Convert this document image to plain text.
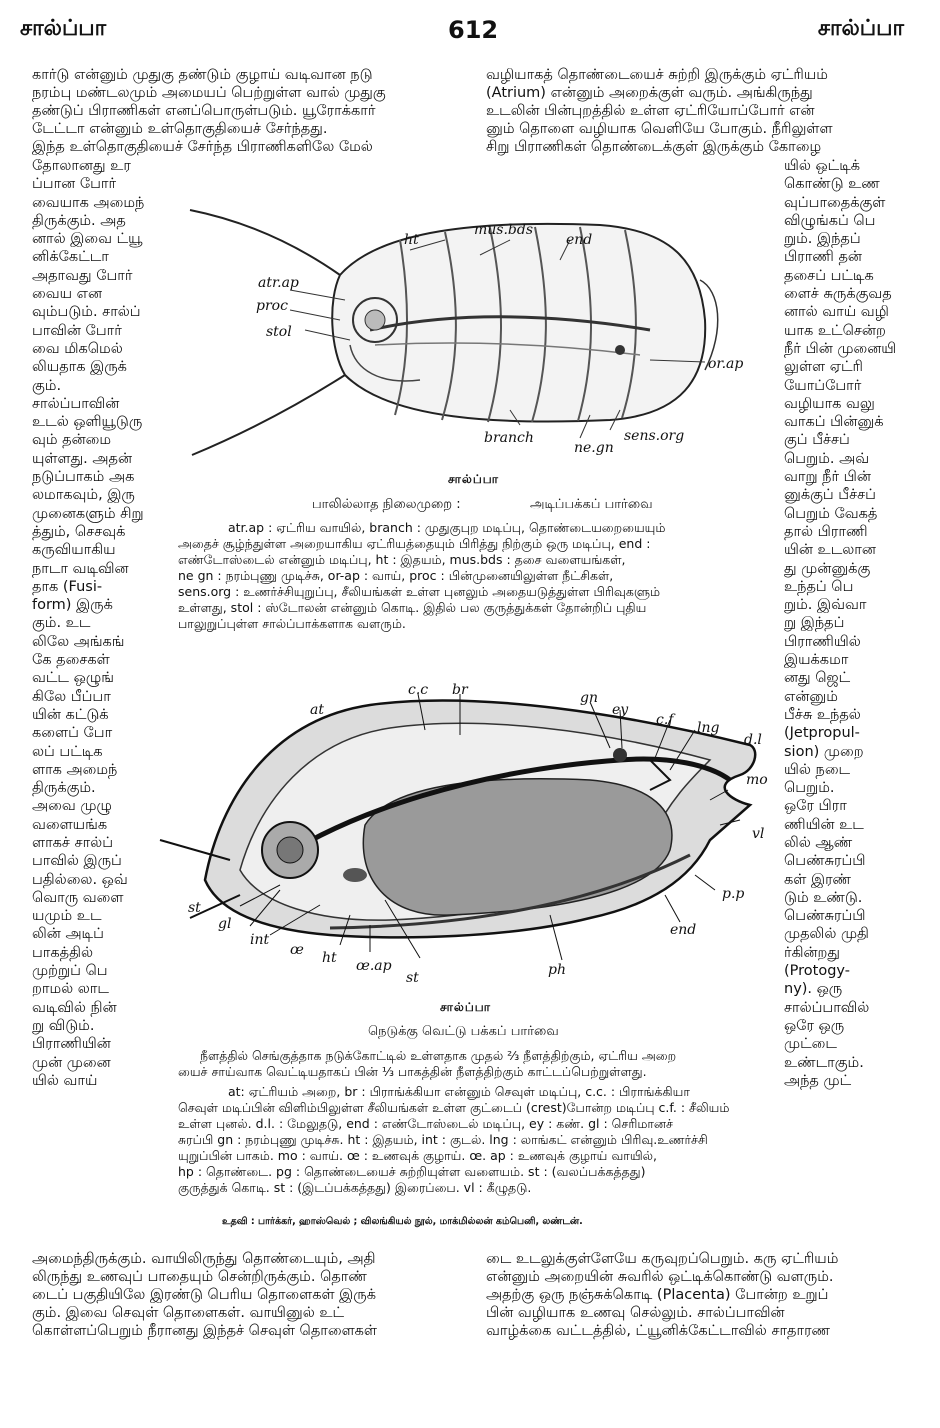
சால்ப்பா	612	சால்ப்பா
கார்டு என்னும் முதுகு தண்டும் குழாய் வடிவான நடு
நரம்பு மண்டலமும் அமையப் பெற்றுள்ள வால் முதுகு
தண்டுப் பிராணிகள் எனப்பொருள்படும். யூரோக்கார்
டேட்டா என்னும் உள்தொகுதியைச் சேர்ந்தது.
இந்த உள்தொகுதியைச் சேர்ந்த பிராணிகளிலே மேல்
வழியாகத் தொண்டையைச் சுற்றி இருக்கும் ஏட்ரியம்
(Atrium) என்னும் அறைக்குள் வரும். அங்கிருந்து
உடலின் பின்புறத்தில் உள்ள ஏட்ரியோப்போர் என்
னும் தொளை வழியாக வெளியே போகும். நீரிலுள்ள
சிறு பிராணிகள் தொண்டைக்குள் இருக்கும் கோழை
தோலானது உர
ப்பான போர்
வையாக அமைந்
திருக்கும். அத
னால் இவை ட்யூ
னிக்கேட்டா
அதாவது போர்
வைய என
வும்படும். சால்ப்
பாவின் போர்
வை மிகமெல்
லியதாக இருக்
கும்.
சால்ப்பாவின்
உடல் ஒளியூடுரு
வும் தன்மை
யுள்ளது. அதன்
நடுப்பாகம் அக
லமாகவும், இரு
முனைகளும் சிறு
த்தும், செசவுக்
கருவியாகிய
நாடா வடிவின
தாக (Fusi-
form) இருக்
கும். உட
லிலே அங்கங்
கே தசைகள்
வட்ட ஒழுங்
கிலே பீப்பா
யின் கட்டுக்
களைப் போ
லப் பட்டிக
ளாக அமைந்
திருக்கும்.
அவை முழு
வளையங்க
ளாகச் சால்ப்
பாவில் இருப்
பதில்லை. ஒவ்
வொரு வளை
யமும் உட
லின் அடிப்
பாகத்தில்
முற்றுப் பெ
றாமல் லாட
வடிவில் நின்
று விடும்.
பிராணியின்
முன் முனை
யில் வாய்
யில் ஒட்டிக்
கொண்டு உண
வுப்பாதைக்குள்
விழுங்கப் பெ
றும். இந்தப்
பிராணி தன்
தசைப் பட்டிக
ளைச் சுருக்குவத
னால் வாய் வழி
யாக உட்சென்ற
நீர் பின் முனையி
லுள்ள ஏட்ரி
யோப்போர்
வழியாக வலு
வாகப் பின்னுக்
குப் பீச்சப்
பெறும். அவ்
வாறு நீர் பின்
னுக்குப் பீச்சப்
பெறும் வேகத்
தால் பிராணி
யின் உடலான
து முன்னுக்கு
உந்தப் பெ
றும். இவ்வா
று இந்தப்
பிராணியில்
இயக்கமா
னது ஜெட்
என்னும்
பீச்சு உந்தல்
(Jetpropul-
sion) முறை
யில் நடை
பெறும்.
ஒரே பிரா
ணியின் உட
லில் ஆண்
பெண்சுரப்பி
கள் இரண்
டும் உண்டு.
பெண்சுரப்பி
முதலில் முதி
ர்கின்றது
(Protogy-
ny). ஒரு
சால்ப்பாவில்
ஒரே ஒரு
முட்டை
உண்டாகும்.
அந்த முட்
ht
mus.bds
end
atr.ap
proc
stol
or.ap
branch	sens.org
ne.gn
சால்ப்பா
பாலில்லாத நிலைமுறை :	அடிப்பக்கப் பார்வை
atr.ap : ஏட்ரிய வாயில், branch : முதுகுபுற மடிப்பு, தொண்டையறையையும்
அதைச் சூழ்ந்துள்ள அறையாகிய ஏட்ரியத்தையும் பிரித்து நிற்கும் ஒரு மடிப்பு, end :
எண்டோஸ்டைல் என்னும் மடிப்பு, ht : இதயம், mus.bds : தசை வளையங்கள்,
ne gn : நரம்புணு முடிச்சு, or-ap : வாய், proc : பின்முனையிலுள்ள நீட்சிகள்,
sens.org : உணர்ச்சியுறுப்பு, சீலியங்கள் உள்ள புனலும் அதையடுத்துள்ள பிரிவுகளும்
உள்ளது, stol : ஸ்டோலன் என்னும் கொடி. இதில் பல குருத்துக்கள் தோன்றிப் புதிய
பாலுறுப்புள்ள சால்ப்பாக்களாக வளரும்.
c.c br	gn
ey
c.f lng
at
d.l
mo
vl
p.p
end
st
gl
int
œ ht œ.ap
st	ph
சால்ப்பா
நெடுக்கு வெட்டு பக்கப் பார்வை
நீளத்தில் செங்குத்தாக நடுக்கோட்டில் உள்ளதாக முதல் ⅔ நீளத்திற்கும், ஏட்ரிய அறை
யைச் சாய்வாக வெட்டியதாகப் பின் ⅓ பாகத்தின் நீளத்திற்கும் காட்டப்பெற்றுள்ளது.
at: ஏட்ரியம் அறை, br : பிராங்க்கியா என்னும் செவுள் மடிப்பு, c.c. : பிராங்க்கியா
செவுள் மடிப்பின் விளிம்பிலுள்ள சீலியங்கள் உள்ள குட்டைப் (crest)போன்ற மடிப்பு c.f. : சீலியம்
உள்ள புனல். d.l. : மேலுதடு, end : எண்டோஸ்டைல் மடிப்பு, ey : கண். gl : செரிமானச்
சுரப்பி gn : நரம்புணு முடிச்சு. ht : இதயம், int : குடல். lng : லாங்கட் என்னும் பிரிவு.உணர்ச்சி
யுறுப்பின் பாகம். mo : வாய். œ : உணவுக் குழாய். œ. ap : உணவுக் குழாய் வாயில்,
hp : தொண்டை. pg : தொண்டையைச் சுற்றியுள்ள வளையம். st : (வலப்பக்கத்தது)
குருத்துக் கொடி. st : (இடப்பக்கத்தது) இரைப்பை. vl : கீழுதடு.
உதவி : பார்க்கர், ஹாஸ்வெல் ; விலங்கியல் நூல், மாக்மில்லன் கம்பெனி, லண்டன்.
அமைந்திருக்கும். வாயிலிருந்து தொண்டையும், அதி
லிருந்து உணவுப் பாதையும் சென்றிருக்கும். தொண்
டைப் பகுதியிலே இரண்டு பெரிய தொளைகள் இருக்
கும். இவை செவுள் தொளைகள். வாயினுல் உட்
கொள்ளப்பெறும் நீரானது இந்தச் செவுள் தொளைகள்
டை உடலுக்குள்ளேயே கருவுறப்பெறும். கரு ஏட்ரியம்
என்னும் அறையின் சுவரில் ஒட்டிக்கொண்டு வளரும்.
அதற்கு ஒரு நஞ்சுக்கொடி (Placenta) போன்ற உறுப்
பின் வழியாக உணவு செல்லும். சால்ப்பாவின்
வாழ்க்கை வட்டத்தில், ட்யூனிக்கேட்டாவில் சாதாரண
